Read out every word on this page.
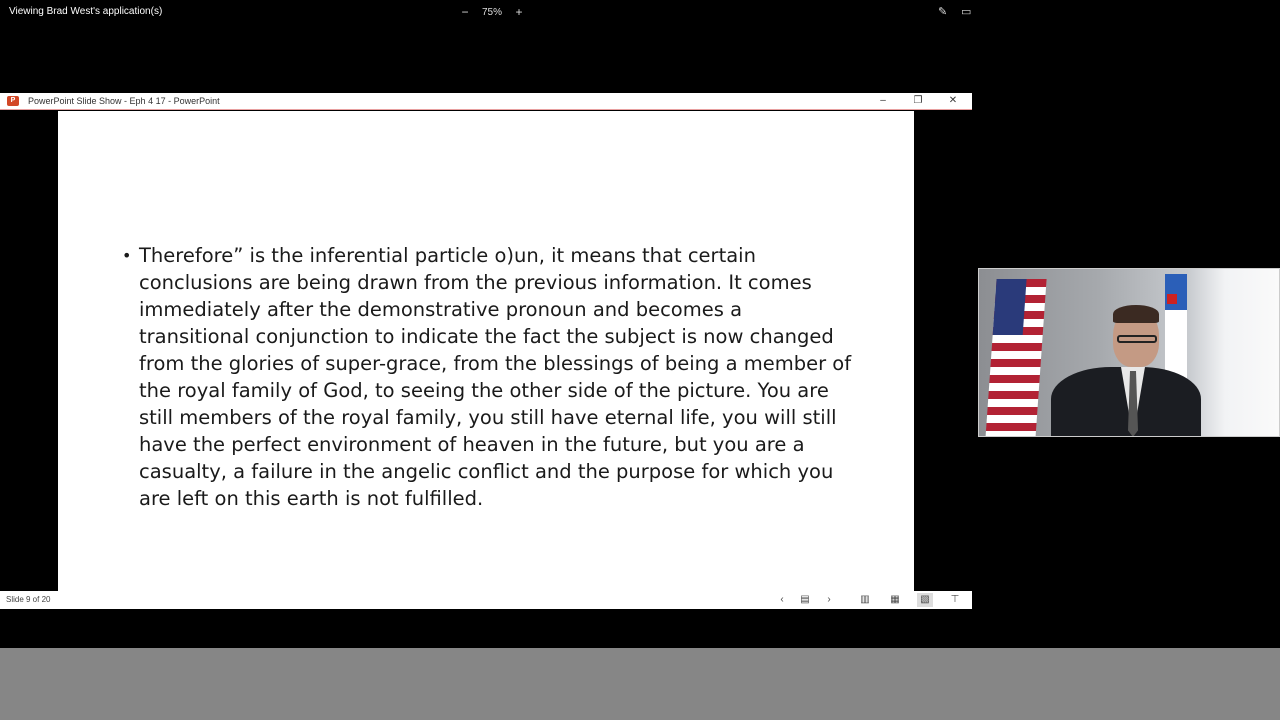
Viewing Brad West's application(s)	−	75%	+	✎ ▭
P	PowerPoint Slide Show - Eph 4 17 - PowerPoint	–	❐	✕
• Therefore” is the inferential particle o)un, it means that certain conclusions are being drawn from the previous information. It comes immediately after the demonstrative pronoun and becomes a transitional conjunction to indicate the fact the subject is now changed from the glories of super-grace, from the blessings of being a member of the royal family of God, to seeing the other side of the picture. You are still members of the royal family, you still have eternal life, you will still have the perfect environment of heaven in the future, but you are a casualty, a failure in the angelic conflict and the purpose for which you are left on this earth is not fulfilled.
Slide 9 of 20	‹	▤	›	▥	▦	▧	⊤
